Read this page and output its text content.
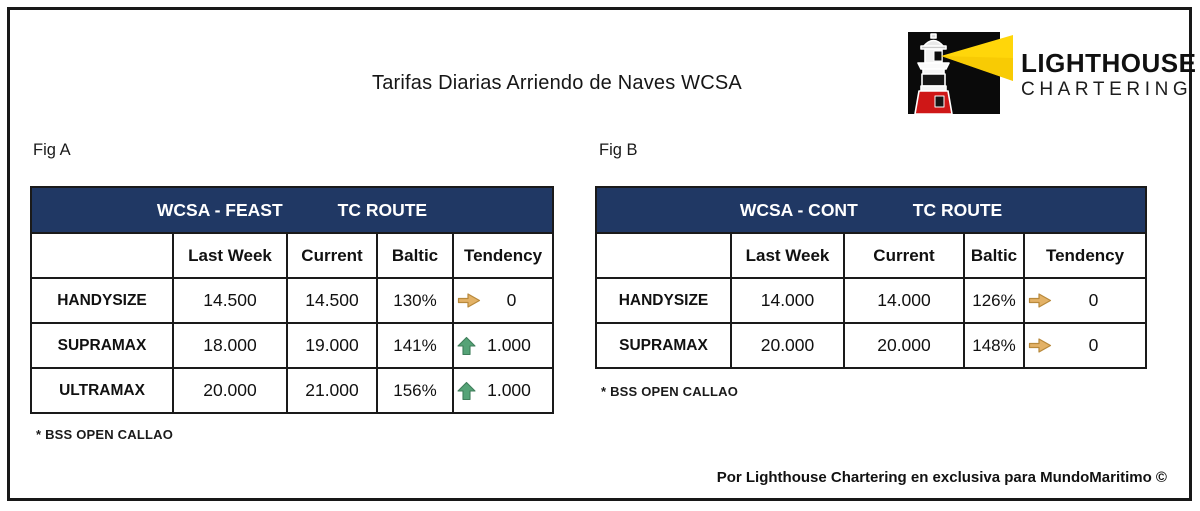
Tarifas Diarias Arriendo de Naves WCSA
LIGHTHOUSE
CHARTERING
Fig A
WCSA - FEAST TC ROUTE				

	Last Week	Current	Baltic	Tendency
HANDYSIZE	14.500	14.500	130%	0

SUPRAMAX	18.000	19.000	141%	1.000

ULTRAMAX	20.000	21.000	156%	1.000
* BSS OPEN CALLAO
Fig B
WCSA - CONT TC ROUTE				

	Last Week	Current	Baltic	Tendency
HANDYSIZE	14.000	14.000	126%	0

SUPRAMAX	20.000	20.000	148%	0
* BSS OPEN CALLAO
Por Lighthouse Chartering en exclusiva para MundoMaritimo ©
